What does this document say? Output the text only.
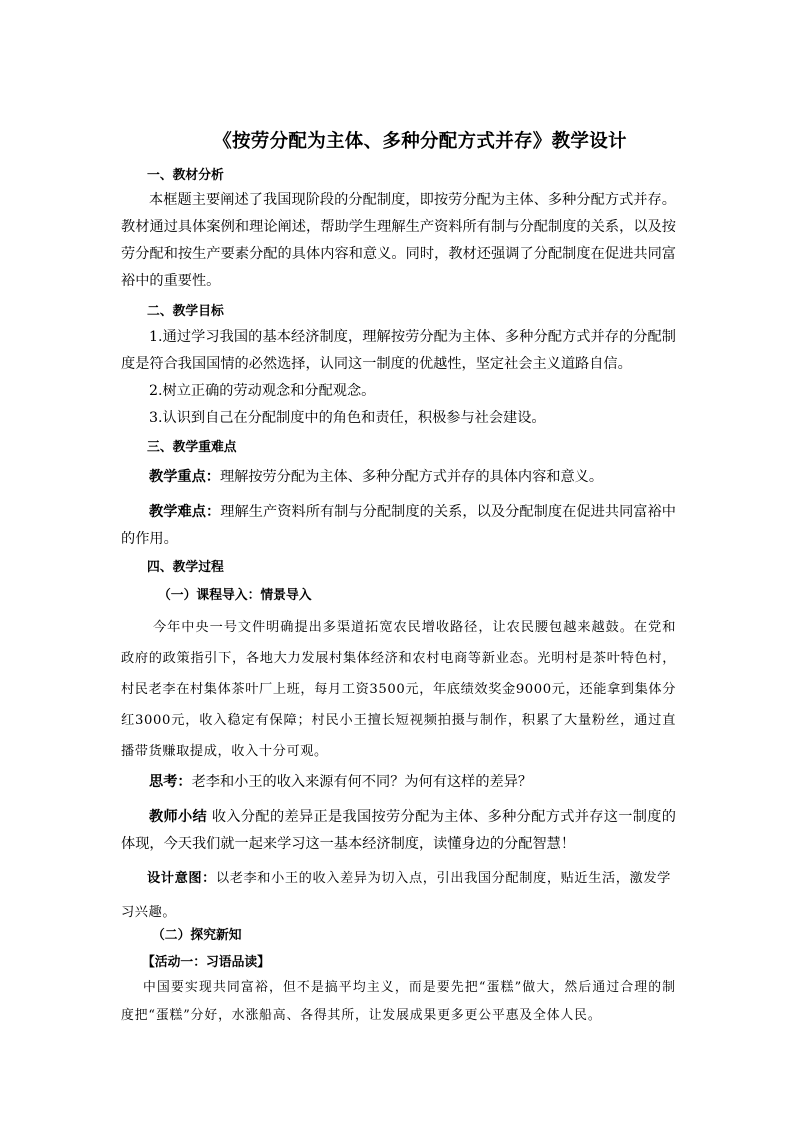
《按劳分配为主体、多种分配方式并存》教学设计
一、教材分析
本框题主要阐述了我国现阶段的分配制度，即按劳分配为主体、多种分配方式并存。教材通过具体案例和理论阐述，帮助学生理解生产资料所有制与分配制度的关系，以及按劳分配和按生产要素分配的具体内容和意义。同时，教材还强调了分配制度在促进共同富裕中的重要性。
二、教学目标
1.通过学习我国的基本经济制度，理解按劳分配为主体、多种分配方式并存的分配制度是符合我国国情的必然选择，认同这一制度的优越性，坚定社会主义道路自信。
2.树立正确的劳动观念和分配观念。
3.认识到自己在分配制度中的角色和责任，积极参与社会建设。
三、教学重难点
教学重点：理解按劳分配为主体、多种分配方式并存的具体内容和意义。
教学难点：理解生产资料所有制与分配制度的关系，以及分配制度在促进共同富裕中的作用。
四、教学过程
（一）课程导入：情景导入
今年中央一号文件明确提出多渠道拓宽农民增收路径，让农民腰包越来越鼓。在党和政府的政策指引下，各地大力发展村集体经济和农村电商等新业态。光明村是茶叶特色村，村民老李在村集体茶叶厂上班，每月工资3500元，年底绩效奖金9000元，还能拿到集体分红3000元，收入稳定有保障；村民小王擅长短视频拍摄与制作，积累了大量粉丝，通过直播带货赚取提成，收入十分可观。
思考：老李和小王的收入来源有何不同？为何有这样的差异？
教师小结 收入分配的差异正是我国按劳分配为主体、多种分配方式并存这一制度的体现，今天我们就一起来学习这一基本经济制度，读懂身边的分配智慧！
设计意图：以老李和小王的收入差异为切入点，引出我国分配制度，贴近生活，激发学习兴趣。
（二）探究新知
【活动一：习语品读】
中国要实现共同富裕，但不是搞平均主义，而是要先把“蛋糕”做大，然后通过合理的制度把“蛋糕”分好，水涨船高、各得其所，让发展成果更多更公平惠及全体人民。
